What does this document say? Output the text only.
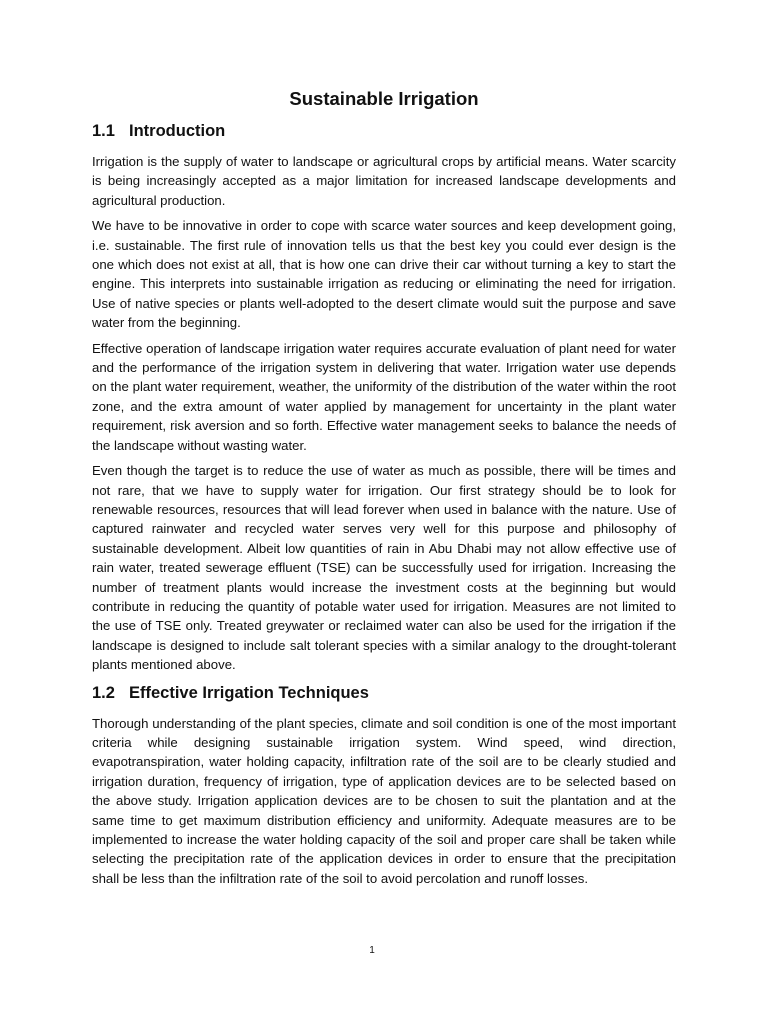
Sustainable Irrigation
1.1 Introduction

Irrigation is the supply of water to landscape or agricultural crops by artificial means. Water scarcity is being increasingly accepted as a major limitation for increased landscape developments and agricultural production.

We have to be innovative in order to cope with scarce water sources and keep development going, i.e. sustainable. The first rule of innovation tells us that the best key you could ever design is the one which does not exist at all, that is how one can drive their car without turning a key to start the engine. This interprets into sustainable irrigation as reducing or eliminating the need for irrigation. Use of native species or plants well-adopted to the desert climate would suit the purpose and save water from the beginning.

Effective operation of landscape irrigation water requires accurate evaluation of plant need for water and the performance of the irrigation system in delivering that water. Irrigation water use depends on the plant water requirement, weather, the uniformity of the distribution of the water within the root zone, and the extra amount of water applied by management for uncertainty in the plant water requirement, risk aversion and so forth. Effective water management seeks to balance the needs of the landscape without wasting water.

Even though the target is to reduce the use of water as much as possible, there will be times and not rare, that we have to supply water for irrigation. Our first strategy should be to look for renewable resources, resources that will lead forever when used in balance with the nature. Use of captured rainwater and recycled water serves very well for this purpose and philosophy of sustainable development. Albeit low quantities of rain in Abu Dhabi may not allow effective use of rain water, treated sewerage effluent (TSE) can be successfully used for irrigation. Increasing the number of treatment plants would increase the investment costs at the beginning but would contribute in reducing the quantity of potable water used for irrigation. Measures are not limited to the use of TSE only. Treated greywater or reclaimed water can also be used for the irrigation if the landscape is designed to include salt tolerant species with a similar analogy to the drought-tolerant plants mentioned above.

1.2 Effective Irrigation Techniques

Thorough understanding of the plant species, climate and soil condition is one of the most important criteria while designing sustainable irrigation system. Wind speed, wind direction, evapotranspiration, water holding capacity, infiltration rate of the soil are to be clearly studied and irrigation duration, frequency of irrigation, type of application devices are to be selected based on the above study. Irrigation application devices are to be chosen to suit the plantation and at the same time to get maximum distribution efficiency and uniformity. Adequate measures are to be implemented to increase the water holding capacity of the soil and proper care shall be taken while selecting the precipitation rate of the application devices in order to ensure that the precipitation shall be less than the infiltration rate of the soil to avoid percolation and runoff losses.

1
